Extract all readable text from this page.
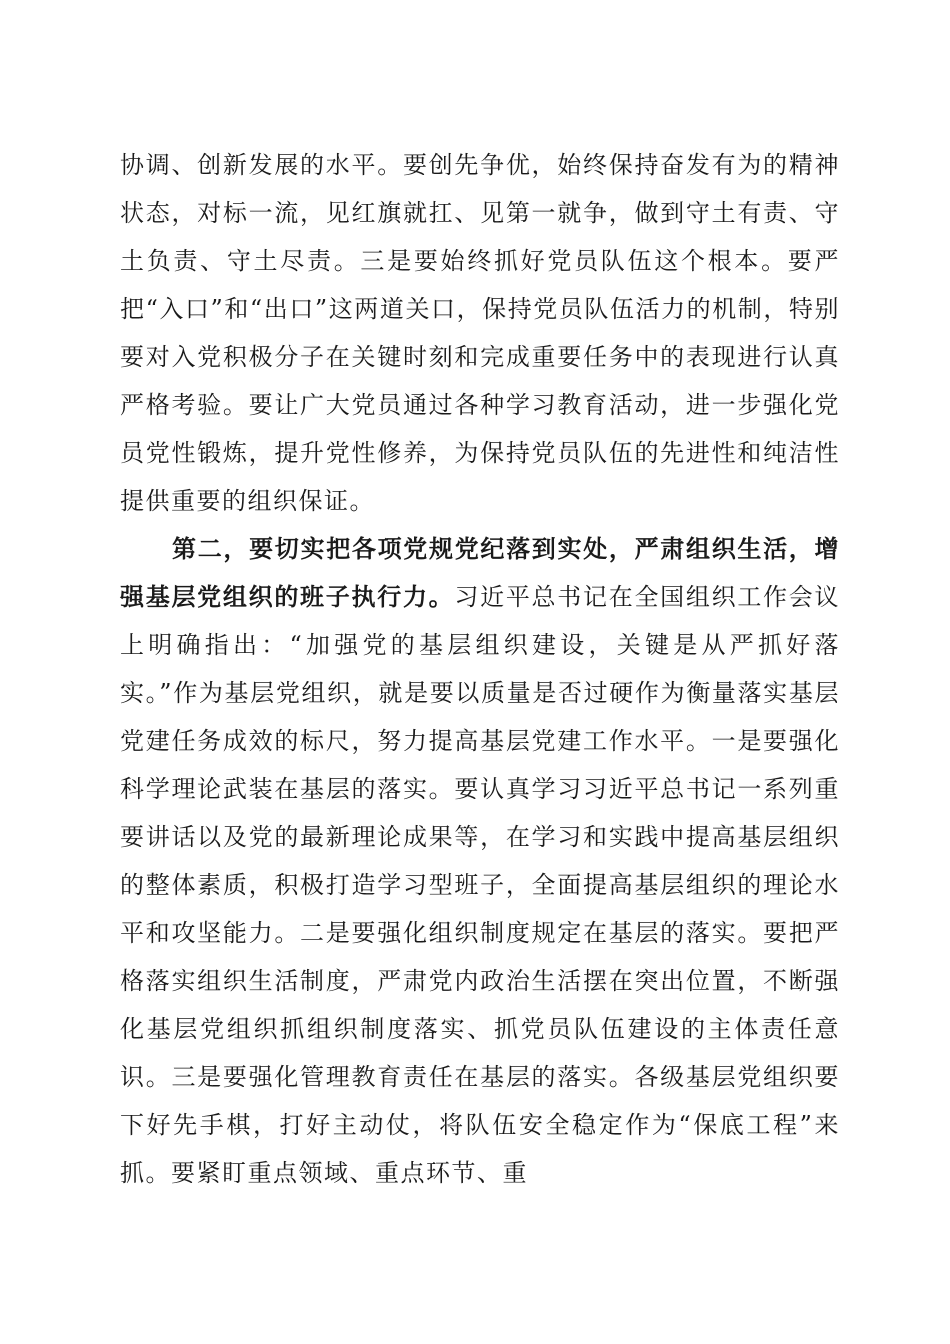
协调、创新发展的水平。要创先争优，始终保持奋发有为的精神状态，对标一流，见红旗就扛、见第一就争，做到守土有责、守土负责、守土尽责。三是要始终抓好党员队伍这个根本。要严把“入口”和“出口”这两道关口，保持党员队伍活力的机制，特别要对入党积极分子在关键时刻和完成重要任务中的表现进行认真严格考验。要让广大党员通过各种学习教育活动，进一步强化党员党性锻炼，提升党性修养，为保持党员队伍的先进性和纯洁性提供重要的组织保证。

第二，要切实把各项党规党纪落到实处，严肃组织生活，增强基层党组织的班子执行力。习近平总书记在全国组织工作会议上明确指出：“加强党的基层组织建设，关键是从严抓好落实。”作为基层党组织，就是要以质量是否过硬作为衡量落实基层党建任务成效的标尺，努力提高基层党建工作水平。一是要强化科学理论武装在基层的落实。要认真学习习近平总书记一系列重要讲话以及党的最新理论成果等，在学习和实践中提高基层组织的整体素质，积极打造学习型班子，全面提高基层组织的理论水平和攻坚能力。二是要强化组织制度规定在基层的落实。要把严格落实组织生活制度，严肃党内政治生活摆在突出位置，不断强化基层党组织抓组织制度落实、抓党员队伍建设的主体责任意识。三是要强化管理教育责任在基层的落实。各级基层党组织要下好先手棋，打好主动仗，将队伍安全稳定作为“保底工程”来抓。要紧盯重点领域、重点环节、重
